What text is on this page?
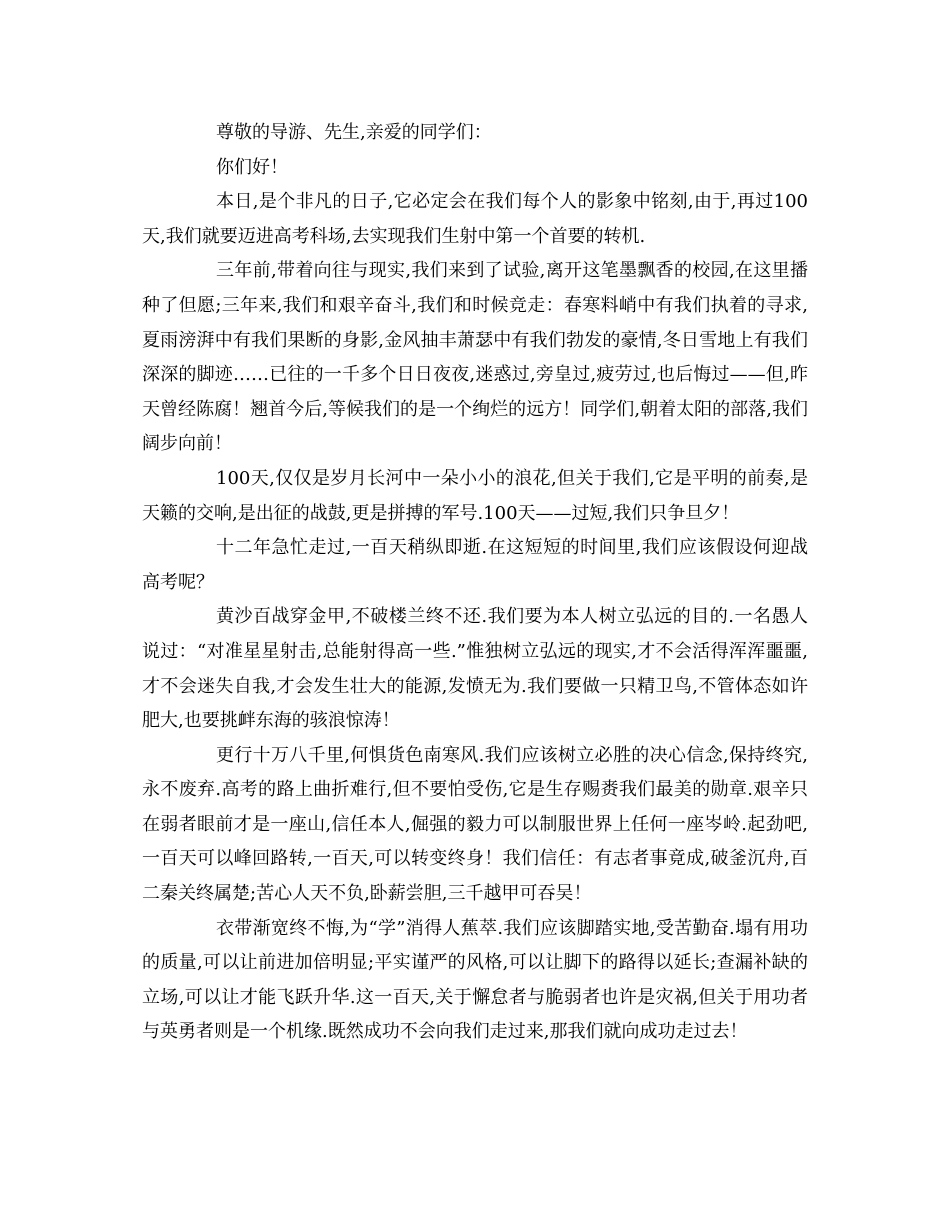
尊敬的导游、先生,亲爱的同学们：

你们好！

本日,是个非凡的日子,它必定会在我们每个人的影象中铭刻,由于,再过100天,我们就要迈进高考科场,去实现我们生射中第一个首要的转机.

三年前,带着向往与现实,我们来到了试验,离开这笔墨飘香的校园,在这里播种了但愿;三年来,我们和艰辛奋斗,我们和时候竞走：春寒料峭中有我们执着的寻求,夏雨滂湃中有我们果断的身影,金风抽丰萧瑟中有我们勃发的豪情,冬日雪地上有我们深深的脚迹……已往的一千多个日日夜夜,迷惑过,旁皇过,疲劳过,也后悔过——但,昨天曾经陈腐！翘首今后,等候我们的是一个绚烂的远方！同学们,朝着太阳的部落,我们阔步向前！

100天,仅仅是岁月长河中一朵小小的浪花,但关于我们,它是平明的前奏,是天籁的交响,是出征的战鼓,更是拼搏的军号.100天——过短,我们只争旦夕！

十二年急忙走过,一百天稍纵即逝.在这短短的时间里,我们应该假设何迎战高考呢？

黄沙百战穿金甲,不破楼兰终不还.我们要为本人树立弘远的目的.一名愚人说过：“对准星星射击,总能射得高一些.”惟独树立弘远的现实,才不会活得浑浑噩噩,才不会迷失自我,才会发生壮大的能源,发愤无为.我们要做一只精卫鸟,不管体态如许肥大,也要挑衅东海的骇浪惊涛！

更行十万八千里,何惧货色南寒风.我们应该树立必胜的决心信念,保持终究,永不废弃.高考的路上曲折难行,但不要怕受伤,它是生存赐赉我们最美的勋章.艰辛只在弱者眼前才是一座山,信任本人,倔强的毅力可以制服世界上任何一座岑岭.起劲吧,一百天可以峰回路转,一百天,可以转变终身！我们信任：有志者事竟成,破釜沉舟,百二秦关终属楚;苦心人天不负,卧薪尝胆,三千越甲可吞吴！

衣带渐宽终不悔,为“学”消得人蕉萃.我们应该脚踏实地,受苦勤奋.塌有用功的质量,可以让前进加倍明显;平实谨严的风格,可以让脚下的路得以延长;查漏补缺的立场,可以让才能飞跃升华.这一百天,关于懈怠者与脆弱者也许是灾祸,但关于用功者与英勇者则是一个机缘.既然成功不会向我们走过来,那我们就向成功走过去！
